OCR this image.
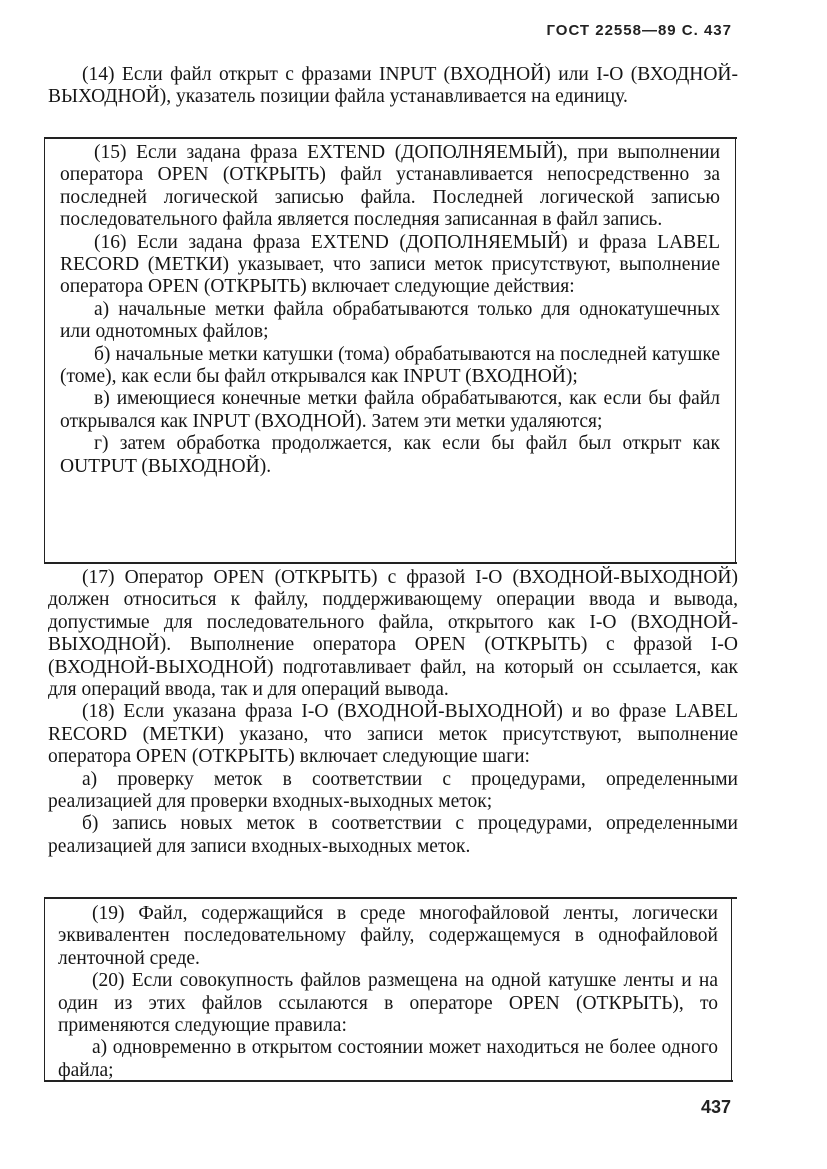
ГОСТ 22558—89 С. 437

(14) Если файл открыт с фразами INPUT (ВХОДНОЙ) или I-O (ВХОДНОЙ-ВЫХОДНОЙ), указатель позиции файла устанавливается на единицу.

(15) Если задана фраза EXTEND (ДОПОЛНЯЕМЫЙ), при выполнении оператора OPEN (ОТКРЫТЬ) файл устанавливается непосредственно за последней логической записью файла. Последней логической записью последовательного файла является последняя записанная в файл запись.

(16) Если задана фраза EXTEND (ДОПОЛНЯЕМЫЙ) и фраза LABEL RECORD (МЕТКИ) указывает, что записи меток присутствуют, выполнение оператора OPEN (ОТКРЫТЬ) включает следующие действия:

а) начальные метки файла обрабатываются только для однокатушечных или однотомных файлов;

б) начальные метки катушки (тома) обрабатываются на последней катушке (томе), как если бы файл открывался как INPUT (ВХОДНОЙ);

в) имеющиеся конечные метки файла обрабатываются, как если бы файл открывался как INPUT (ВХОДНОЙ). Затем эти метки удаляются;

г) затем обработка продолжается, как если бы файл был открыт как OUTPUT (ВЫХОДНОЙ).

(17) Оператор OPEN (ОТКРЫТЬ) с фразой I-O (ВХОДНОЙ-ВЫХОДНОЙ) должен относиться к файлу, поддерживающему операции ввода и вывода, допустимые для последовательного файла, открытого как I-O (ВХОДНОЙ-ВЫХОДНОЙ). Выполнение оператора OPEN (ОТКРЫТЬ) с фразой I-O (ВХОДНОЙ-ВЫХОДНОЙ) подготавливает файл, на который он ссылается, как для операций ввода, так и для операций вывода.

(18) Если указана фраза I-O (ВХОДНОЙ-ВЫХОДНОЙ) и во фразе LABEL RECORD (МЕТКИ) указано, что записи меток присутствуют, выполнение оператора OPEN (ОТКРЫТЬ) включает следующие шаги:

а) проверку меток в соответствии с процедурами, определенными реализацией для проверки входных-выходных меток;

б) запись новых меток в соответствии с процедурами, определенными реализацией для записи входных-выходных меток.

(19) Файл, содержащийся в среде многофайловой ленты, логически эквивалентен последовательному файлу, содержащемуся в однофайловой ленточной среде.

(20) Если совокупность файлов размещена на одной катушке ленты и на один из этих файлов ссылаются в операторе OPEN (ОТКРЫТЬ), то применяются следующие правила:

а) одновременно в открытом состоянии может находиться не более одного файла;

437
